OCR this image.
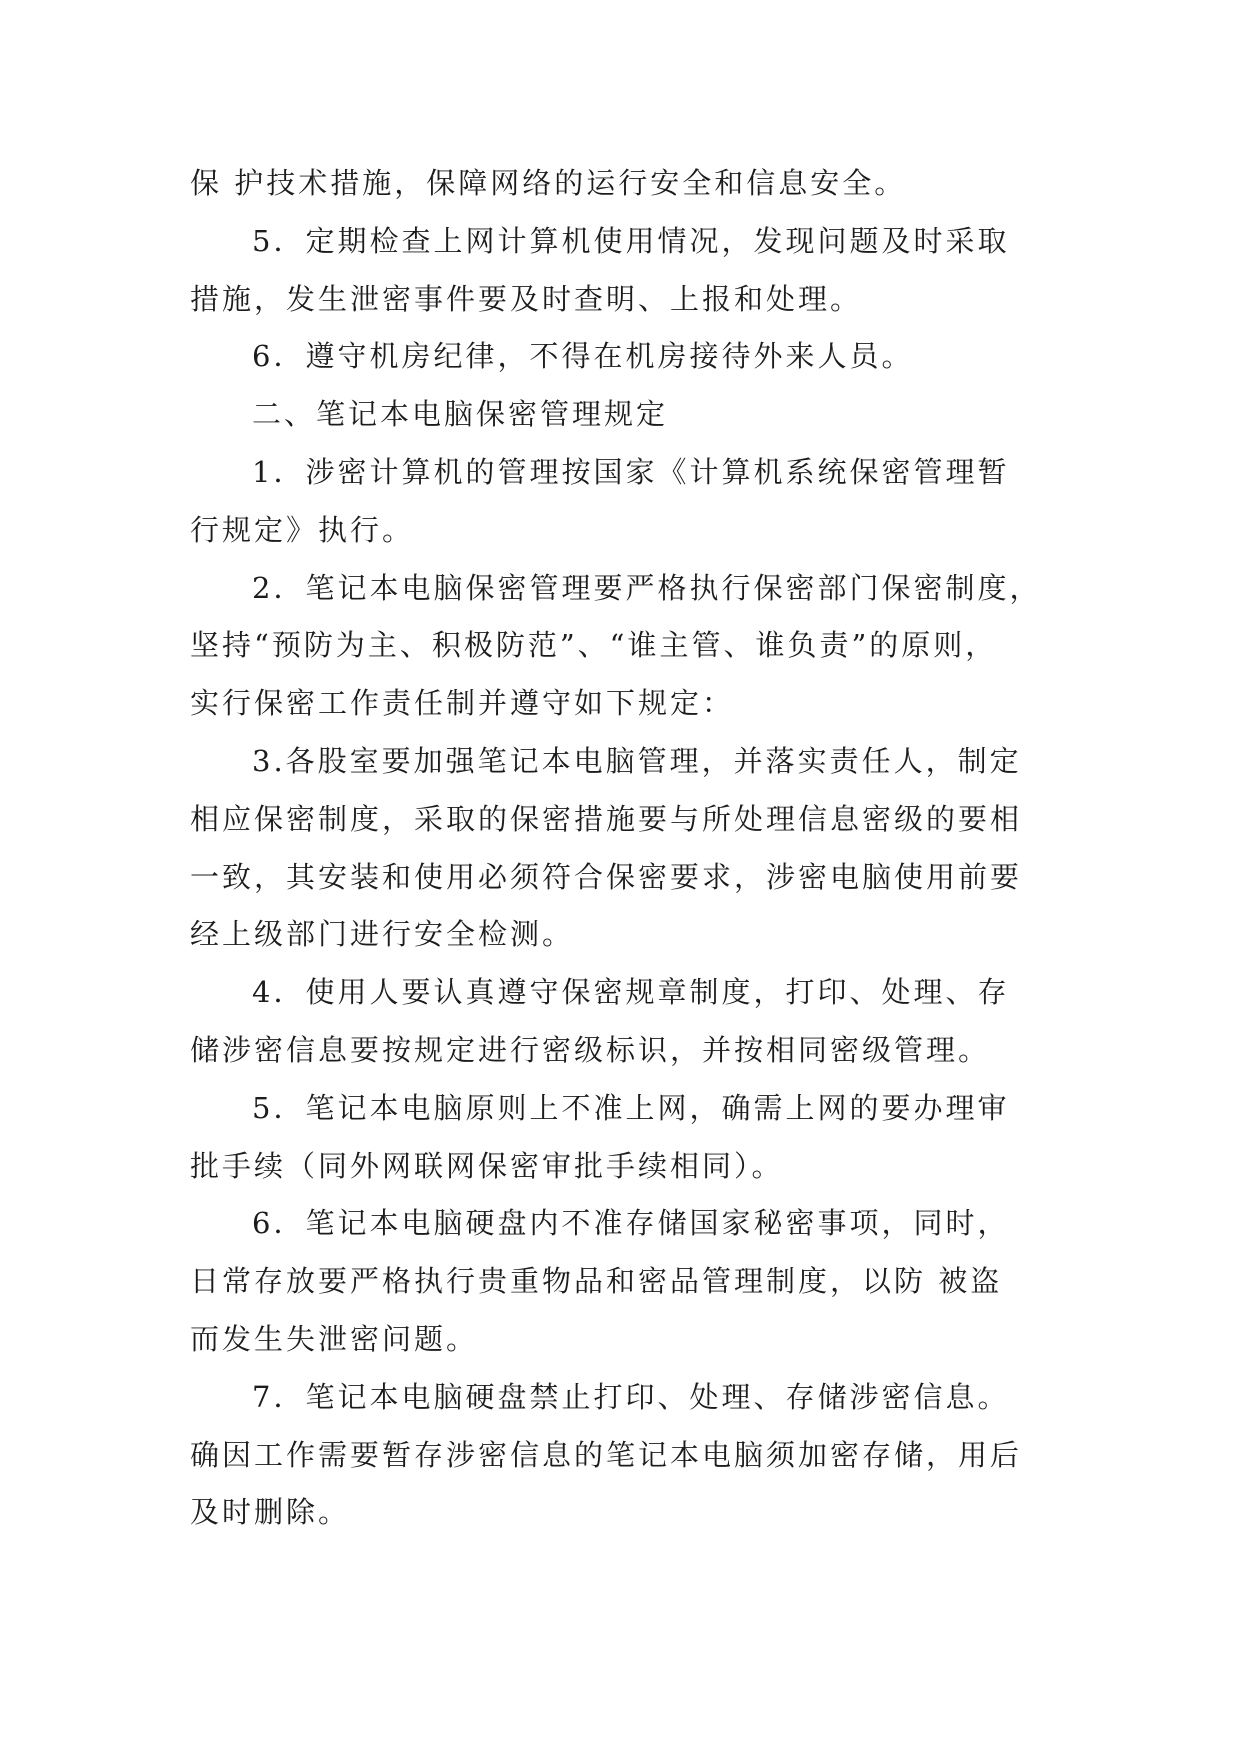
保 护技术措施，保障网络的运行安全和信息安全。
5．定期检查上网计算机使用情况，发现问题及时采取
措施，发生泄密事件要及时查明、上报和处理。
6．遵守机房纪律，不得在机房接待外来人员。
二、笔记本电脑保密管理规定
1．涉密计算机的管理按国家《计算机系统保密管理暂
行规定》执行。
2．笔记本电脑保密管理要严格执行保密部门保密制度，
坚持“预防为主、积极防范”、“谁主管、谁负责”的原则，
实行保密工作责任制并遵守如下规定：
3.各股室要加强笔记本电脑管理，并落实责任人，制定
相应保密制度，采取的保密措施要与所处理信息密级的要相
一致，其安装和使用必须符合保密要求，涉密电脑使用前要
经上级部门进行安全检测。
4．使用人要认真遵守保密规章制度，打印、处理、存
储涉密信息要按规定进行密级标识，并按相同密级管理。
5．笔记本电脑原则上不准上网，确需上网的要办理审
批手续（同外网联网保密审批手续相同）。
6．笔记本电脑硬盘内不准存储国家秘密事项，同时，
日常存放要严格执行贵重物品和密品管理制度，以防 被盗
而发生失泄密问题。
7．笔记本电脑硬盘禁止打印、处理、存储涉密信息。
确因工作需要暂存涉密信息的笔记本电脑须加密存储，用后
及时删除。
